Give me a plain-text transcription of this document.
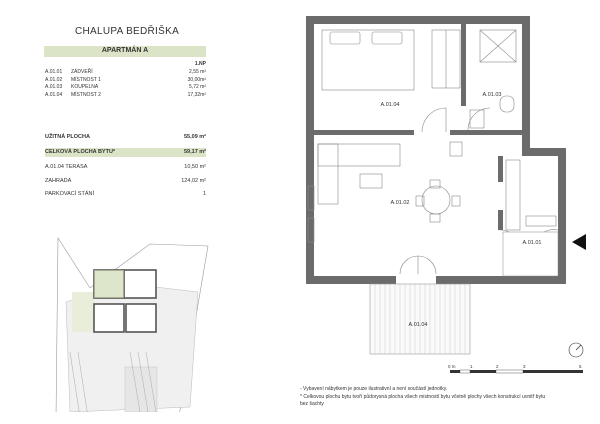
CHALUPA BEDŘIŠKA
APARTMÁN A
1.NP
A.01.01 ZÁDVEŘÍ	2,55 m²
A.01.02 MÍSTNOST 1	30,00m²
A.01.03 KOUPELNA	5,72 m²
A.01.04 MÍSTNOST 2	17,32m²
UŽITNÁ PLOCHA	55,09 m²
CELKOVÁ PLOCHA BYTU*	59,17 m²
A.01.04 TERASA	10,50 m²
ZAHRADA	124,02 m²
PARKOVACÍ STÁNÍ	1
A.01.04
A.01.03
A.01.02
A.01.01
A.01.04
0 m	1	2	3	5
- Vybavení nábytkem je pouze ilustrativní a není součástí jednotky.
* Celkovou plochu bytu tvoří půdorysná plocha všech místností bytu včetně plochy všech konstrukcí uvnitř bytu
bez šachty
